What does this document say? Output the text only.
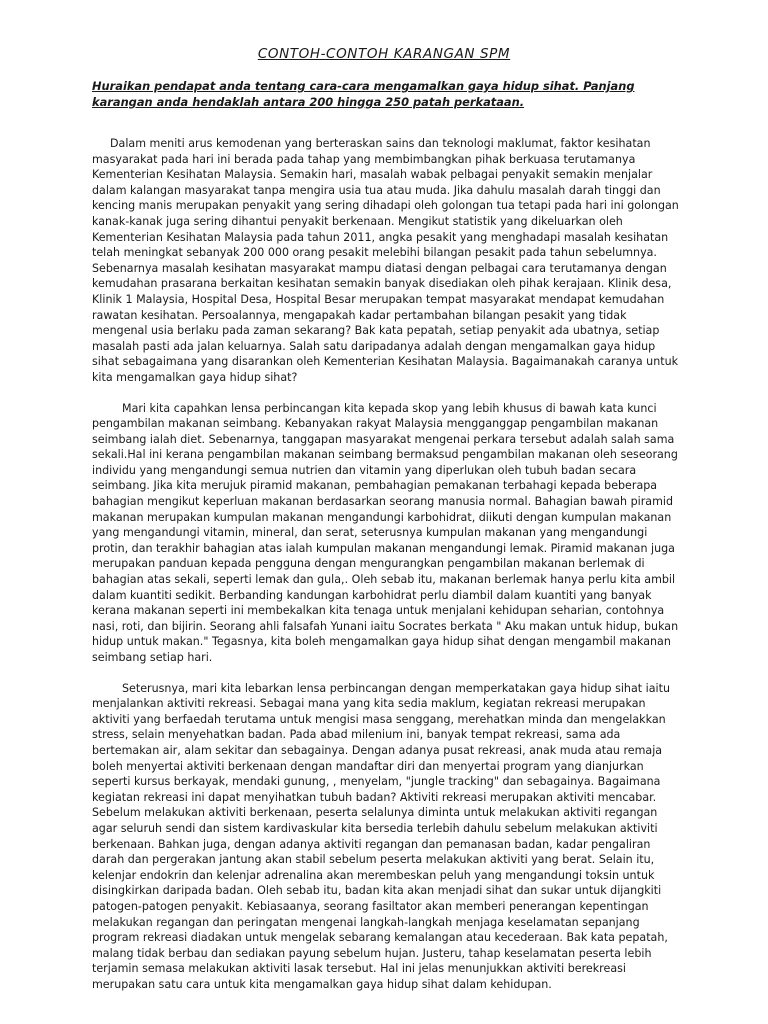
CONTOH-CONTOH KARANGAN SPM

Huraikan pendapat anda tentang cara-cara mengamalkan gaya hidup sihat. Panjang karangan anda hendaklah antara 200 hingga 250 patah perkataan.

Dalam meniti arus kemodenan yang berteraskan sains dan teknologi maklumat, faktor kesihatan masyarakat pada hari ini berada pada tahap yang membimbangkan pihak berkuasa terutamanya Kementerian Kesihatan Malaysia. Semakin hari, masalah wabak pelbagai penyakit semakin menjalar dalam kalangan masyarakat tanpa mengira usia tua atau muda. Jika dahulu masalah darah tinggi dan kencing manis merupakan penyakit yang sering dihadapi oleh golongan tua tetapi pada hari ini golongan kanak-kanak juga sering dihantui penyakit berkenaan. Mengikut statistik yang dikeluarkan oleh Kementerian Kesihatan Malaysia pada tahun 2011, angka pesakit yang menghadapi masalah kesihatan telah meningkat sebanyak 200 000 orang pesakit melebihi bilangan pesakit pada tahun sebelumnya. Sebenarnya masalah kesihatan masyarakat mampu diatasi dengan pelbagai cara terutamanya dengan kemudahan prasarana berkaitan kesihatan semakin banyak disediakan oleh pihak kerajaan. Klinik desa, Klinik 1 Malaysia, Hospital Desa, Hospital Besar merupakan tempat masyarakat mendapat kemudahan rawatan kesihatan. Persoalannya, mengapakah kadar pertambahan bilangan pesakit yang tidak mengenal usia berlaku pada zaman sekarang? Bak kata pepatah, setiap penyakit ada ubatnya, setiap masalah pasti ada jalan keluarnya. Salah satu daripadanya adalah dengan mengamalkan gaya hidup sihat sebagaimana yang disarankan oleh Kementerian Kesihatan Malaysia. Bagaimanakah caranya untuk kita mengamalkan gaya hidup sihat?

Mari kita capahkan lensa perbincangan kita kepada skop yang lebih khusus di bawah kata kunci pengambilan makanan seimbang. Kebanyakan rakyat Malaysia mengganggap pengambilan makanan seimbang ialah diet. Sebenarnya, tanggapan masyarakat mengenai perkara tersebut adalah salah sama sekali.Hal ini kerana pengambilan makanan seimbang bermaksud pengambilan makanan oleh seseorang individu yang mengandungi semua nutrien dan vitamin yang diperlukan oleh tubuh badan secara seimbang. Jika kita merujuk piramid makanan, pembahagian pemakanan terbahagi kepada beberapa bahagian mengikut keperluan makanan berdasarkan seorang manusia normal. Bahagian bawah piramid makanan merupakan kumpulan makanan mengandungi karbohidrat, diikuti dengan kumpulan makanan yang mengandungi vitamin, mineral, dan serat, seterusnya kumpulan makanan yang mengandungi protin, dan terakhir bahagian atas ialah kumpulan makanan mengandungi lemak. Piramid makanan juga merupakan panduan kepada pengguna dengan mengurangkan pengambilan makanan berlemak di bahagian atas sekali, seperti lemak dan gula,. Oleh sebab itu, makanan berlemak hanya perlu kita ambil dalam kuantiti sedikit. Berbanding kandungan karbohidrat perlu diambil dalam kuantiti yang banyak kerana makanan seperti ini membekalkan kita tenaga untuk menjalani kehidupan seharian, contohnya nasi, roti, dan bijirin. Seorang ahli falsafah Yunani iaitu Socrates berkata " Aku makan untuk hidup, bukan hidup untuk makan." Tegasnya, kita boleh mengamalkan gaya hidup sihat dengan mengambil makanan seimbang setiap hari.

Seterusnya, mari kita lebarkan lensa perbincangan dengan memperkatakan gaya hidup sihat iaitu menjalankan aktiviti rekreasi. Sebagai mana yang kita sedia maklum, kegiatan rekreasi merupakan aktiviti yang berfaedah terutama untuk mengisi masa senggang, merehatkan minda dan mengelakkan stress, selain menyehatkan badan. Pada abad milenium ini, banyak tempat rekreasi, sama ada bertemakan air, alam sekitar dan sebagainya. Dengan adanya pusat rekreasi, anak muda atau remaja boleh menyertai aktiviti berkenaan dengan mandaftar diri dan menyertai program yang dianjurkan seperti kursus berkayak, mendaki gunung, , menyelam, "jungle tracking" dan sebagainya. Bagaimana kegiatan rekreasi ini dapat menyihatkan tubuh badan? Aktiviti rekreasi merupakan aktiviti mencabar. Sebelum melakukan aktiviti berkenaan, peserta selalunya diminta untuk melakukan aktiviti regangan agar seluruh sendi dan sistem kardivaskular kita bersedia terlebih dahulu sebelum melakukan aktiviti berkenaan. Bahkan juga, dengan adanya aktiviti regangan dan pemanasan badan, kadar pengaliran darah dan pergerakan jantung akan stabil sebelum peserta melakukan aktiviti yang berat. Selain itu, kelenjar endokrin dan kelenjar adrenalina akan merembeskan peluh yang mengandungi toksin untuk disingkirkan daripada badan. Oleh sebab itu, badan kita akan menjadi sihat dan sukar untuk dijangkiti patogen-patogen penyakit. Kebiasaanya, seorang fasiltator akan memberi penerangan kepentingan melakukan regangan dan peringatan mengenai langkah-langkah menjaga keselamatan sepanjang program rekreasi diadakan untuk mengelak sebarang kemalangan atau kecederaan. Bak kata pepatah, malang tidak berbau dan sediakan payung sebelum hujan. Justeru, tahap keselamatan peserta lebih terjamin semasa melakukan aktiviti lasak tersebut. Hal ini jelas menunjukkan aktiviti berekreasi merupakan satu cara untuk kita mengamalkan gaya hidup sihat dalam kehidupan.
